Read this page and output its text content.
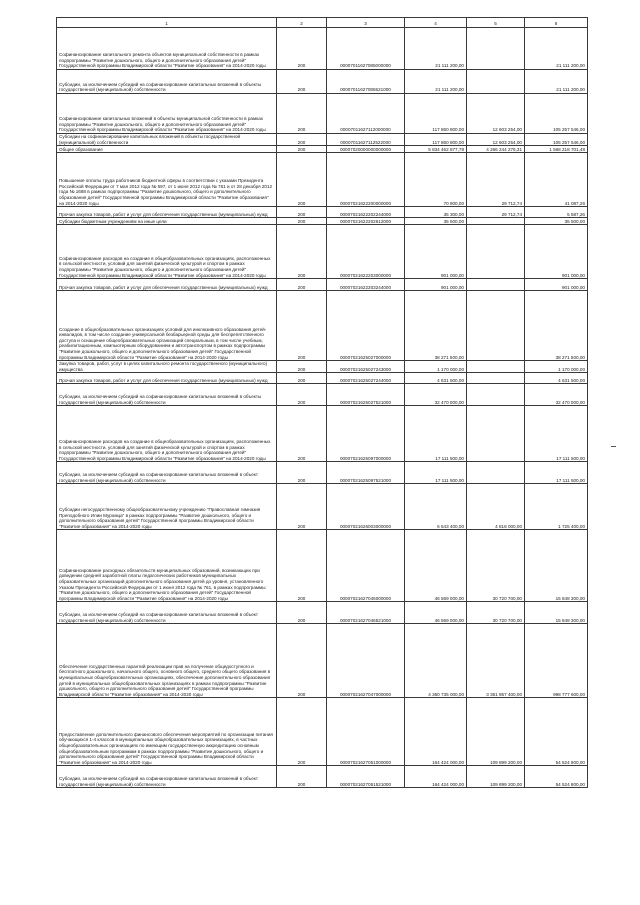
1	2	3	4	5	6
Софинансирование капитального ремонта объектов муниципальной собственности в рамках подпрограммы "Развитие дошкольного, общего и дополнительного образования детей" Государственной программы Владимирской области "Развитие образования" на 2014-2020 годы	200	00007011627085000000	21 111 200,00		21 111 200,00
Субсидии, за исключением субсидий на софинансирование капитальных вложений в объекты государственной (муниципальной) собственности	200	00007011627085521000	21 111 200,00		21 111 200,00
Софинансирование капитальных вложений в объекты муниципальной собственности в рамках подпрограммы "Развитие дошкольного, общего и дополнительного образования детей" Государственной программы Владимирской области "Развитие образования" на 2014-2020 годы	200	00007011627112000000	117 860 800,00	12 603 254,00	105 257 546,00
Субсидии на софинансирование капитальных вложений в объекты государственной (муниципальной) собственности	200	00007011627112522000	117 860 800,00	12 603 254,00	105 257 546,00
Общее образование	200	00007020000000000000	5 834 462 877,79	4 266 244 276,31	1 568 218 701,48
Повышение оплаты труда работников бюджетной сферы в соответствии с указами Президента Российской Федерации от 7 мая 2012 года № 597, от 1 июня 2012 года № 761 и от 28 декабря 2012 года № 1688 в рамках подпрограммы "Развитие дошкольного, общего и дополнительного образования детей" Государственной программы Владимирской области "Развитие образования" на 2014-2020 годы	200	00007021622200000000	70 800,00	29 712,74	41 087,26
Прочая закупка товаров, работ и услуг для обеспечения государственных (муниципальных) нужд	200	00007021622202244000	35 300,00	29 712,74	5 587,26
Субсидии бюджетным учреждениям на иные цели	200	00007021622202612000	35 500,00		35 500,00
Софинансирование расходов на создание в общеобразовательных организациях, расположенных в сельской местности, условий для занятий физической культурой и спортом в рамках подпрограммы "Развитие дошкольного, общего и дополнительного образования детей" Государственной программы Владимирской области "Развитие образования" на 2014-2020 годы	200	00007021622203000000	901 000,00		901 000,00
Прочая закупка товаров, работ и услуг для обеспечения государственных (муниципальных) нужд	200	00007021622203244000	901 000,00		901 000,00
Создание в общеобразовательных организациях условий для инклюзивного образования детей-инвалидов, в том числе создание универсальной безбарьерной среды для беспрепятственного доступа и оснащение общеобразовательных организаций специальным, в том числе учебным, реабилитационным, компьютерным оборудованием и автотранспортом в рамках подпрограммы "Развитие дошкольного, общего и дополнительного образования детей" Государственной программы Владимирской области "Развитие образования" на 2014-2020 годы	200	00007021625027000000	38 271 500,00		38 271 500,00
Закупка товаров, работ, услуг в целях капитального ремонта государственного (муниципального) имущества	200	00007021625027243000	1 170 000,00		1 170 000,00
Прочая закупка товаров, работ и услуг для обеспечения государственных (муниципальных) нужд	200	00007021625027244000	4 631 500,00		4 631 500,00
Субсидии, за исключением субсидий на софинансирование капитальных вложений в объекты государственной (муниципальной) собственности	200	00007021625027521000	32 470 000,00		32 470 000,00
Софинансирование расходов на создание в общеобразовательных организациях, расположенных в сельской местности, условий для занятий физической культурой и спортом в рамках подпрограммы "Развитие дошкольного, общего и дополнительного образования детей" Государственной программы Владимирской области "Развитие образования" на 2014-2020 годы	200	00007021625097000000	17 111 500,00		17 111 500,00
Субсидии, за исключением субсидий на софинансирование капитальных вложений в объект государственной (муниципальной) собственности	200	00007021625097521000	17 111 500,00		17 111 500,00
Субсидии негосударственному общеобразовательному учреждению "Православная гимназия Преподобного Илии Муромца" в рамках подпрограммы "Развитие дошкольного, общего и дополнительного образования детей" Государственной программы Владимирской области "Развитие образования" на 2014-2020 годы	200	00007021626003000000	6 543 400,00	4 818 000,00	1 725 400,00
Софинансирование расходных обязательств муниципальных образований, возникающих при доведении средней заработной платы педагогических работников муниципальных образовательных организаций дополнительного образования детей до уровня, установленного Указом Президента Российской Федерации от 1 июня 2012 года № 761, в рамках подпрограммы "Развитие дошкольного, общего и дополнительного образования детей" Государственной программы Владимирской области "Развитие образования" на 2014-2020 годы	200	00007021627046000000	46 569 000,00	30 720 700,00	15 848 300,00
Субсидии, за исключением субсидий на софинансирование капитальных вложений в объект государственной (муниципальной) собственности	200	00007021627046521000	46 569 000,00	30 720 700,00	15 848 300,00
Обеспечение государственных гарантий реализации прав на получение общедоступного и бесплатного дошкольного, начального общего, основного общего, среднего общего образования в муниципальных общеобразовательных организациях, обеспечение дополнительного образования детей в муниципальных общеобразовательных организациях в рамках подпрограммы "Развитие дошкольного, общего и дополнительного образования детей" Государственной программы Владимирской области "Развитие образования" на 2014-2020 годы	200	00007021627047000000	4 360 735 000,00	3 361 957 400,00	998 777 600,00
Предоставление дополнительного финансового обеспечения мероприятий по организации питания обучающихся 1-4 классов в муниципальных общеобразовательных организациях, в частных общеобразовательных организациях по имеющим государственную аккредитацию основным общеобразовательным программам в рамках подпрограммы "Развитие дошкольного, общего и дополнительного образования детей" Государственной программы Владимирской области "Развитие образования" на 2014-2020 годы	200	00007021627051000000	164 424 000,00	109 899 200,00	54 524 800,00
Субсидии, за исключением субсидий на софинансирование капитальных вложений в объект государственной (муниципальной) собственности	200	00007021627051521000	164 424 000,00	109 899 200,00	54 524 800,00
